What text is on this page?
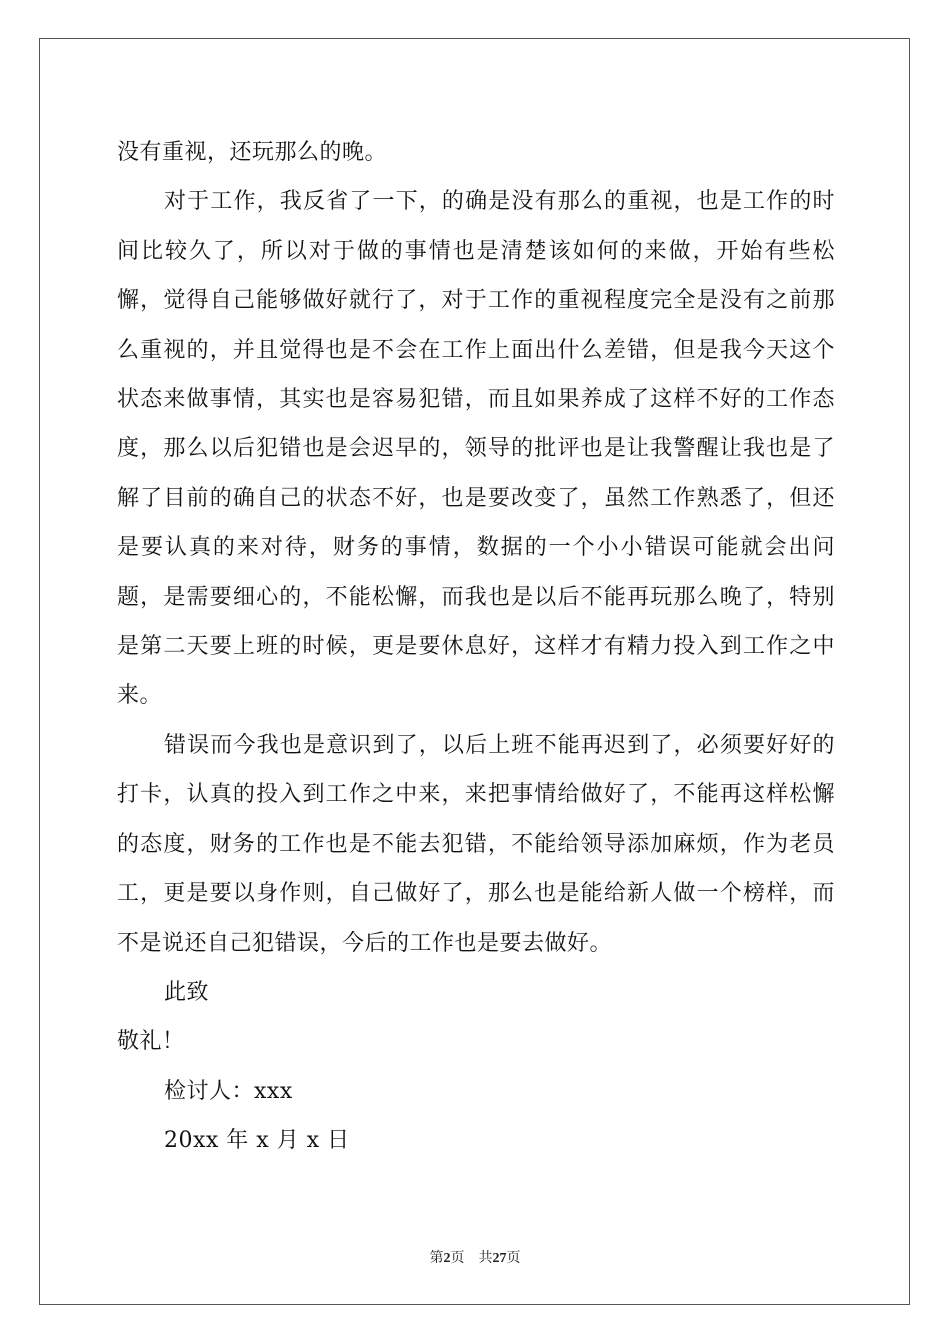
没有重视，还玩那么的晚。

对于工作，我反省了一下，的确是没有那么的重视，也是工作的时间比较久了，所以对于做的事情也是清楚该如何的来做，开始有些松懈，觉得自己能够做好就行了，对于工作的重视程度完全是没有之前那么重视的，并且觉得也是不会在工作上面出什么差错，但是我今天这个状态来做事情，其实也是容易犯错，而且如果养成了这样不好的工作态度，那么以后犯错也是会迟早的，领导的批评也是让我警醒让我也是了解了目前的确自己的状态不好，也是要改变了，虽然工作熟悉了，但还是要认真的来对待，财务的事情，数据的一个小小错误可能就会出问题，是需要细心的，不能松懈，而我也是以后不能再玩那么晚了，特别是第二天要上班的时候，更是要休息好，这样才有精力投入到工作之中来。

错误而今我也是意识到了，以后上班不能再迟到了，必须要好好的打卡，认真的投入到工作之中来，来把事情给做好了，不能再这样松懈的态度，财务的工作也是不能去犯错，不能给领导添加麻烦，作为老员工，更是要以身作则，自己做好了，那么也是能给新人做一个榜样，而不是说还自己犯错误，今后的工作也是要去做好。

此致

敬礼！

检讨人：xxx

20xx 年 x 月 x 日

第2页 共27页
